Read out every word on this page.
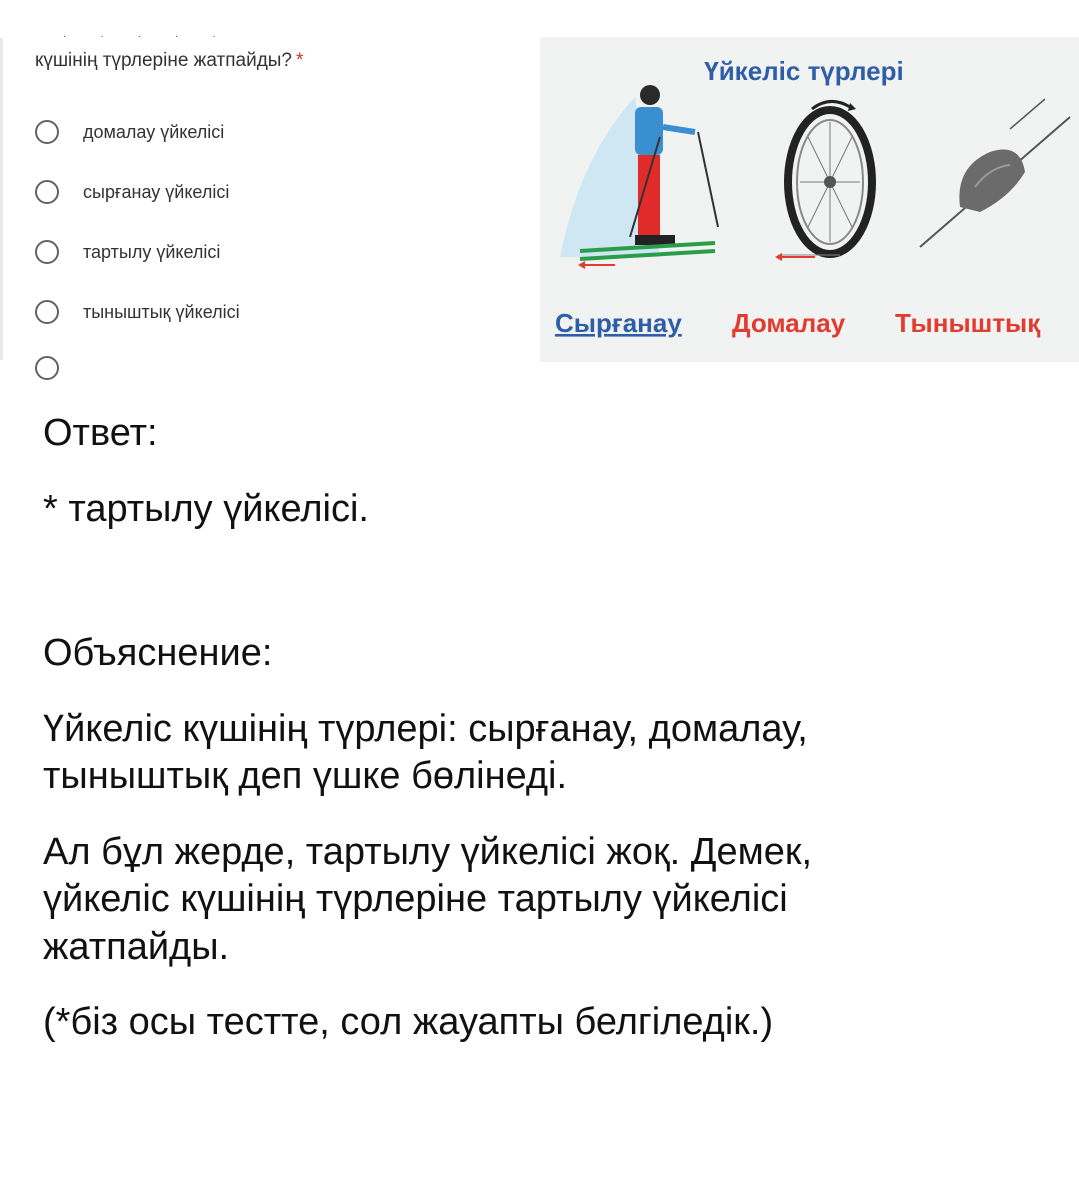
·····
күшінің түрлеріне жатпайды? *
домалау үйкелісі
сырғанау үйкелісі
тартылу үйкелісі
тыныштық үйкелісі
Үйкеліс түрлері
Сырғанау Домалау Тыныштық

Ответ:

* тартылу үйкелісі.

Объяснение:

Үйкеліс күшінің түрлері: сырғанау, домалау,

тыныштық деп үшке бөлінеді.

Ал бұл жерде, тартылу үйкелісі жоқ. Демек,

үйкеліс күшінің түрлеріне тартылу үйкелісі

жатпайды.

(*біз осы тестте, сол жауапты белгіледік.)
